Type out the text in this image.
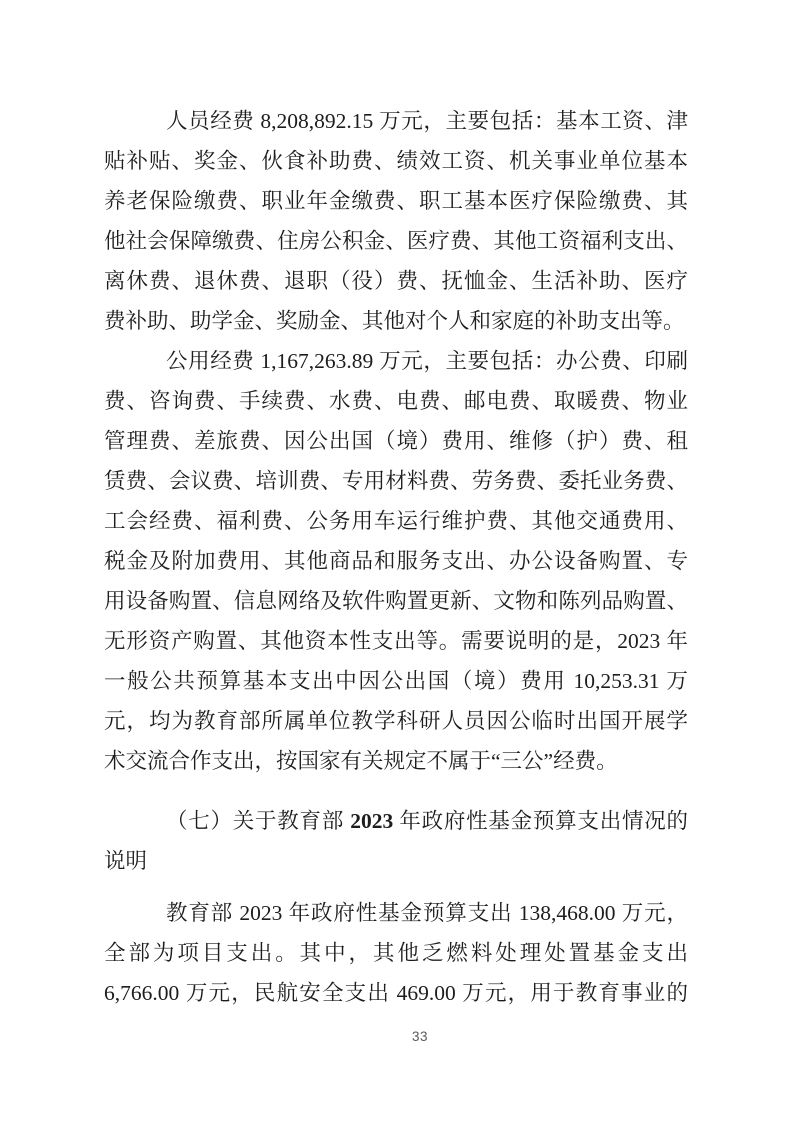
人员经费 8,208,892.15 万元，主要包括：基本工资、津
贴补贴、奖金、伙食补助费、绩效工资、机关事业单位基本
养老保险缴费、职业年金缴费、职工基本医疗保险缴费、其
他社会保障缴费、住房公积金、医疗费、其他工资福利支出、
离休费、退休费、退职（役）费、抚恤金、生活补助、医疗
费补助、助学金、奖励金、其他对个人和家庭的补助支出等。
公用经费 1,167,263.89 万元，主要包括：办公费、印刷
费、咨询费、手续费、水费、电费、邮电费、取暖费、物业
管理费、差旅费、因公出国（境）费用、维修（护）费、租
赁费、会议费、培训费、专用材料费、劳务费、委托业务费、
工会经费、福利费、公务用车运行维护费、其他交通费用、
税金及附加费用、其他商品和服务支出、办公设备购置、专
用设备购置、信息网络及软件购置更新、文物和陈列品购置、
无形资产购置、其他资本性支出等。需要说明的是，2023 年
一般公共预算基本支出中因公出国（境）费用 10,253.31 万
元，均为教育部所属单位教学科研人员因公临时出国开展学
术交流合作支出，按国家有关规定不属于“三公”经费。
（七）关于教育部 2023 年政府性基金预算支出情况的
说明
教育部 2023 年政府性基金预算支出 138,468.00 万元，
全部为项目支出。其中，其他乏燃料处理处置基金支出
6,766.00 万元，民航安全支出 469.00 万元，用于教育事业的
33
